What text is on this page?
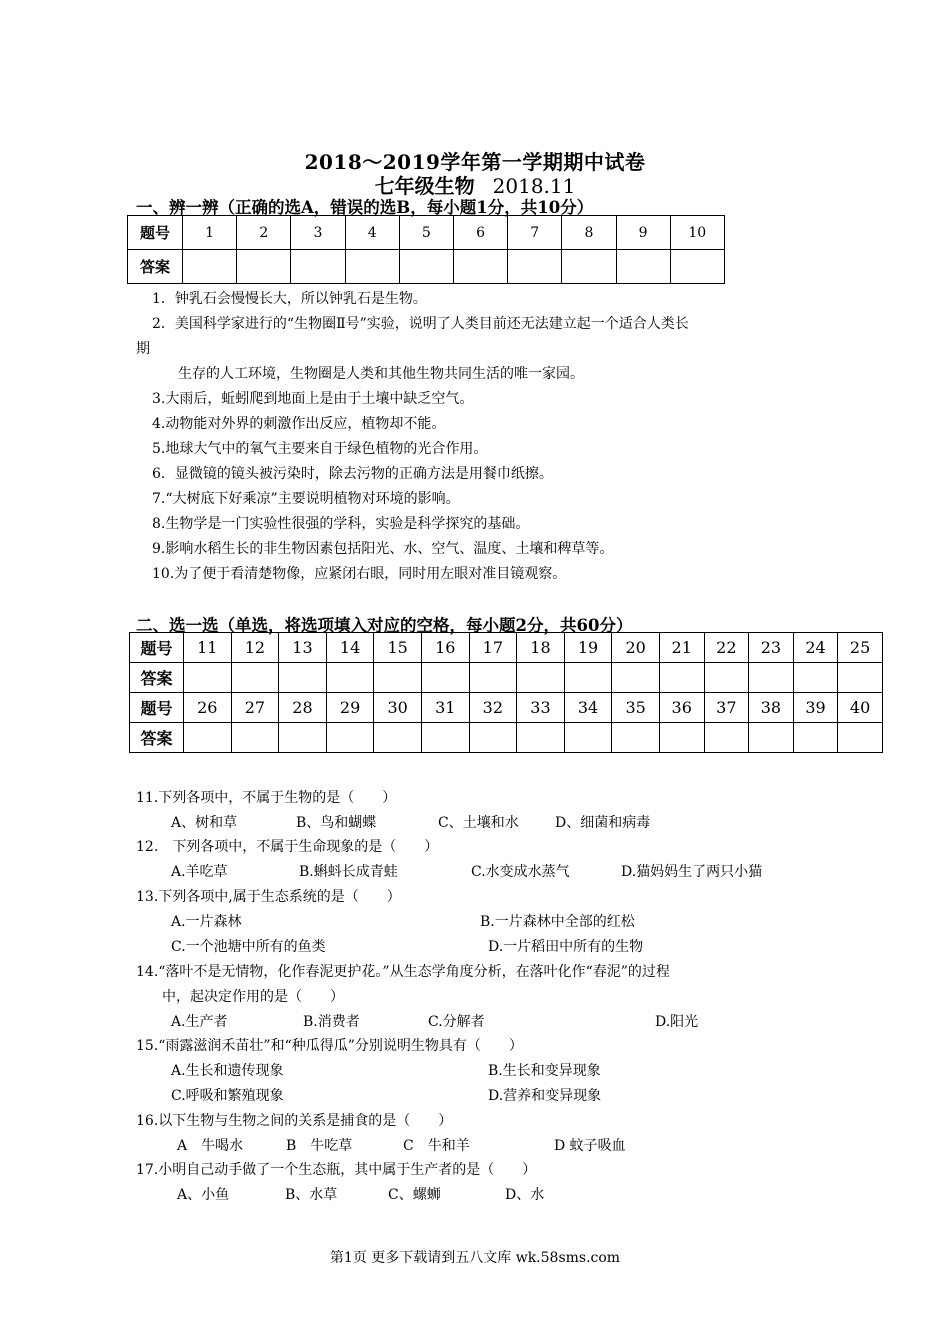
2018～2019学年第一学期期中试卷
七年级生物 2018.11
一、辨一辨（正确的选A，错误的选B，每小题1分，共10分）
题号	1	2	3	4	5	6	7	8	9	10
答案										
1．钟乳石会慢慢长大，所以钟乳石是生物。
2．美国科学家进行的“生物圈Ⅱ号”实验，说明了人类目前还无法建立起一个适合人类长
期
生存的人工环境，生物圈是人类和其他生物共同生活的唯一家园。
3.大雨后，蚯蚓爬到地面上是由于土壤中缺乏空气。
4.动物能对外界的刺激作出反应，植物却不能。
5.地球大气中的氧气主要来自于绿色植物的光合作用。
6．显微镜的镜头被污染时，除去污物的正确方法是用餐巾纸擦。
7.“大树底下好乘凉”主要说明植物对环境的影响。
8.生物学是一门实验性很强的学科，实验是科学探究的基础。
9.影响水稻生长的非生物因素包括阳光、水、空气、温度、土壤和稗草等。
10.为了便于看清楚物像，应紧闭右眼，同时用左眼对准目镜观察。
二、选一选（单选，将选项填入对应的空格，每小题2分，共60分）
题号	11	12	13	14	15	16	17	18	19	20	21	22	23	24	25
答案															
题号	26	27	28	29	30	31	32	33	34	35	36	37	38	39	40
答案															
11.下列各项中，不属于生物的是（　　）
A、树和草	B、鸟和蝴蝶	C、土壤和水	D、细菌和病毒
12.　下列各项中，不属于生命现象的是（　　）
A.羊吃草	B.蝌蚪长成青蛙	C.水变成水蒸气	D.猫妈妈生了两只小猫
13.下列各项中,属于生态系统的是（　　）
A.一片森林	B.一片森林中全部的红松
C.一个池塘中所有的鱼类	D.一片稻田中所有的生物
14.“落叶不是无情物，化作春泥更护花。”从生态学角度分析，在落叶化作“春泥”的过程
中，起决定作用的是（　　）
A.生产者	B.消费者	C.分解者	D.阳光
15.“雨露滋润禾苗壮”和“种瓜得瓜”分别说明生物具有（　　）
A.生长和遗传现象	B.生长和变异现象
C.呼吸和繁殖现象	D.营养和变异现象
16.以下生物与生物之间的关系是捕食的是（　　）
A　牛喝水	B　牛吃草	C　牛和羊	D 蚊子吸血
17.小明自己动手做了一个生态瓶，其中属于生产者的是（　　）
A、小鱼	B、水草	C、螺蛳	D、水
第1页 更多下载请到五八文库 wk.58sms.com
